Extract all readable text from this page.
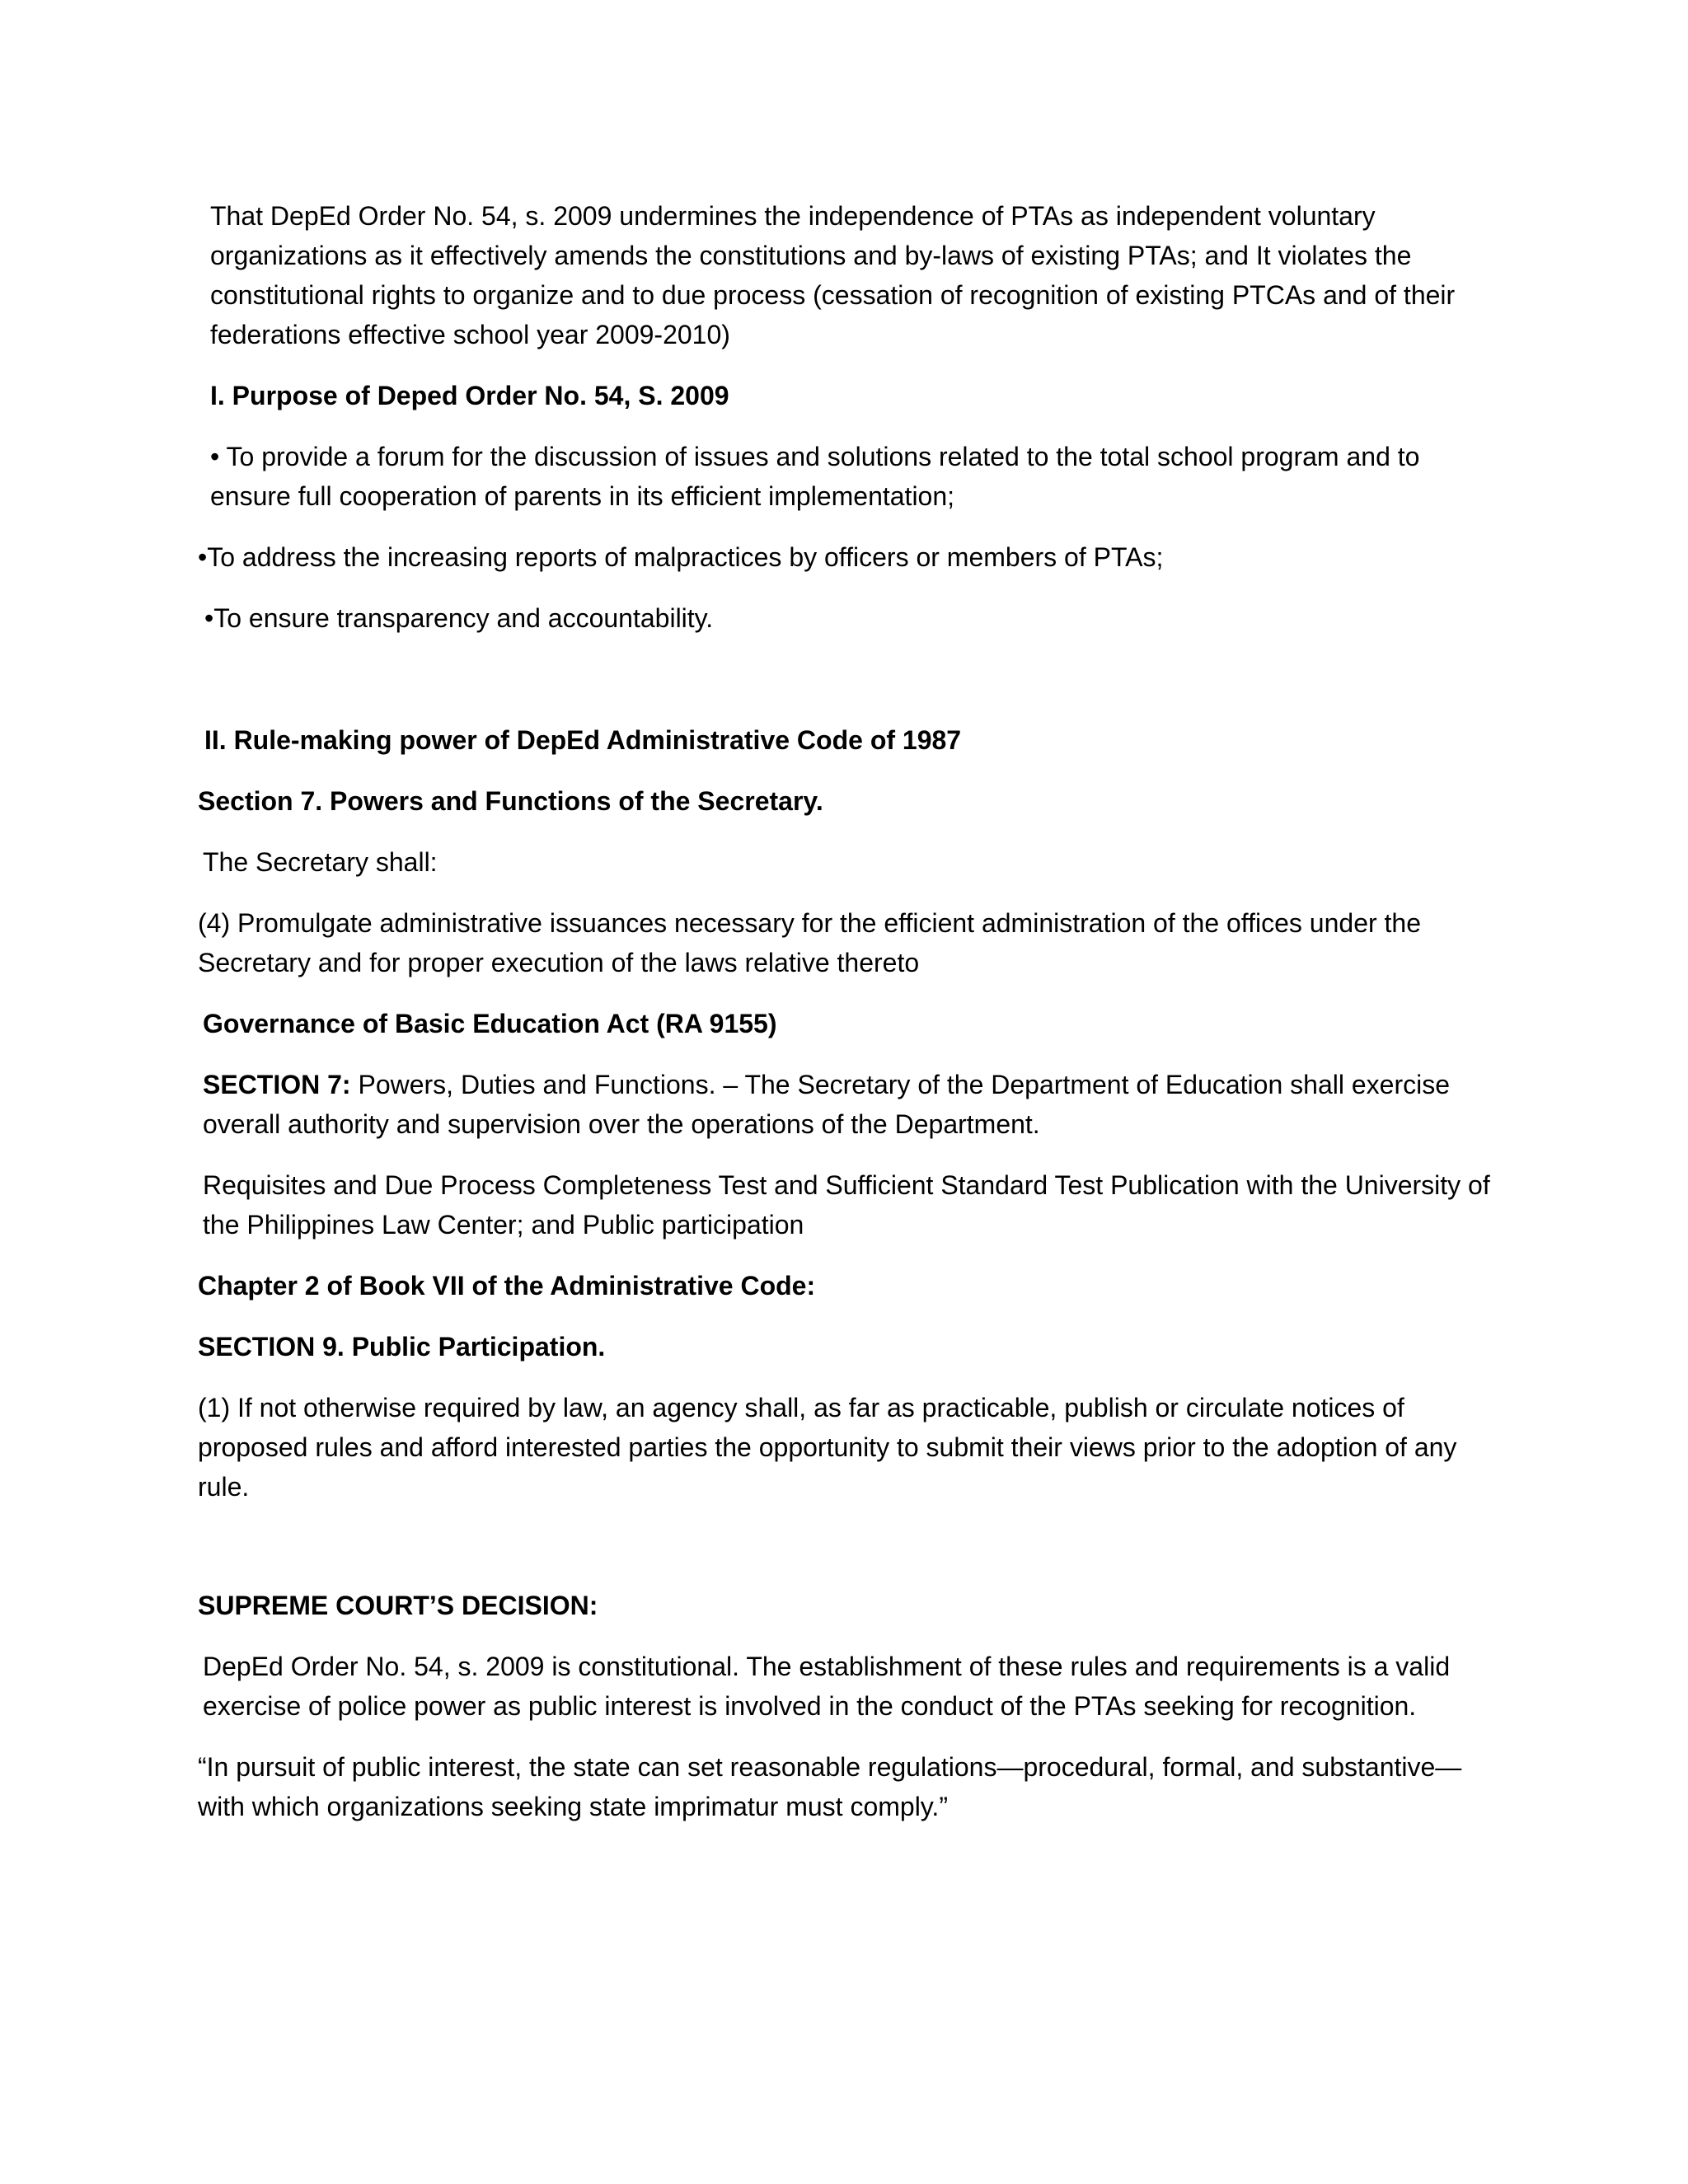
That DepEd Order No. 54, s. 2009 undermines the independence of PTAs as independent voluntary organizations as it effectively amends the constitutions and by-laws of existing PTAs; and It violates the constitutional rights to organize and to due process (cessation of recognition of existing PTCAs and of their federations effective school year 2009-2010)

I. Purpose of Deped Order No. 54, S. 2009

• To provide a forum for the discussion of issues and solutions related to the total school program and to ensure full cooperation of parents in its efficient implementation;

•To address the increasing reports of malpractices by officers or members of PTAs;

•To ensure transparency and accountability.

II. Rule-making power of DepEd Administrative Code of 1987

Section 7. Powers and Functions of the Secretary.

The Secretary shall:

(4) Promulgate administrative issuances necessary for the efficient administration of the offices under the Secretary and for proper execution of the laws relative thereto

Governance of Basic Education Act (RA 9155)

SECTION 7: Powers, Duties and Functions. – The Secretary of the Department of Education shall exercise overall authority and supervision over the operations of the Department.

Requisites and Due Process Completeness Test and Sufficient Standard Test Publication with the University of the Philippines Law Center; and Public participation

Chapter 2 of Book VII of the Administrative Code:

SECTION 9. Public Participation.

(1) If not otherwise required by law, an agency shall, as far as practicable, publish or circulate notices of proposed rules and afford interested parties the opportunity to submit their views prior to the adoption of any rule.

SUPREME COURT’S DECISION:

DepEd Order No. 54, s. 2009 is constitutional. The establishment of these rules and requirements is a valid exercise of police power as public interest is involved in the conduct of the PTAs seeking for recognition.

“In pursuit of public interest, the state can set reasonable regulations—procedural, formal, and substantive—with which organizations seeking state imprimatur must comply.”
